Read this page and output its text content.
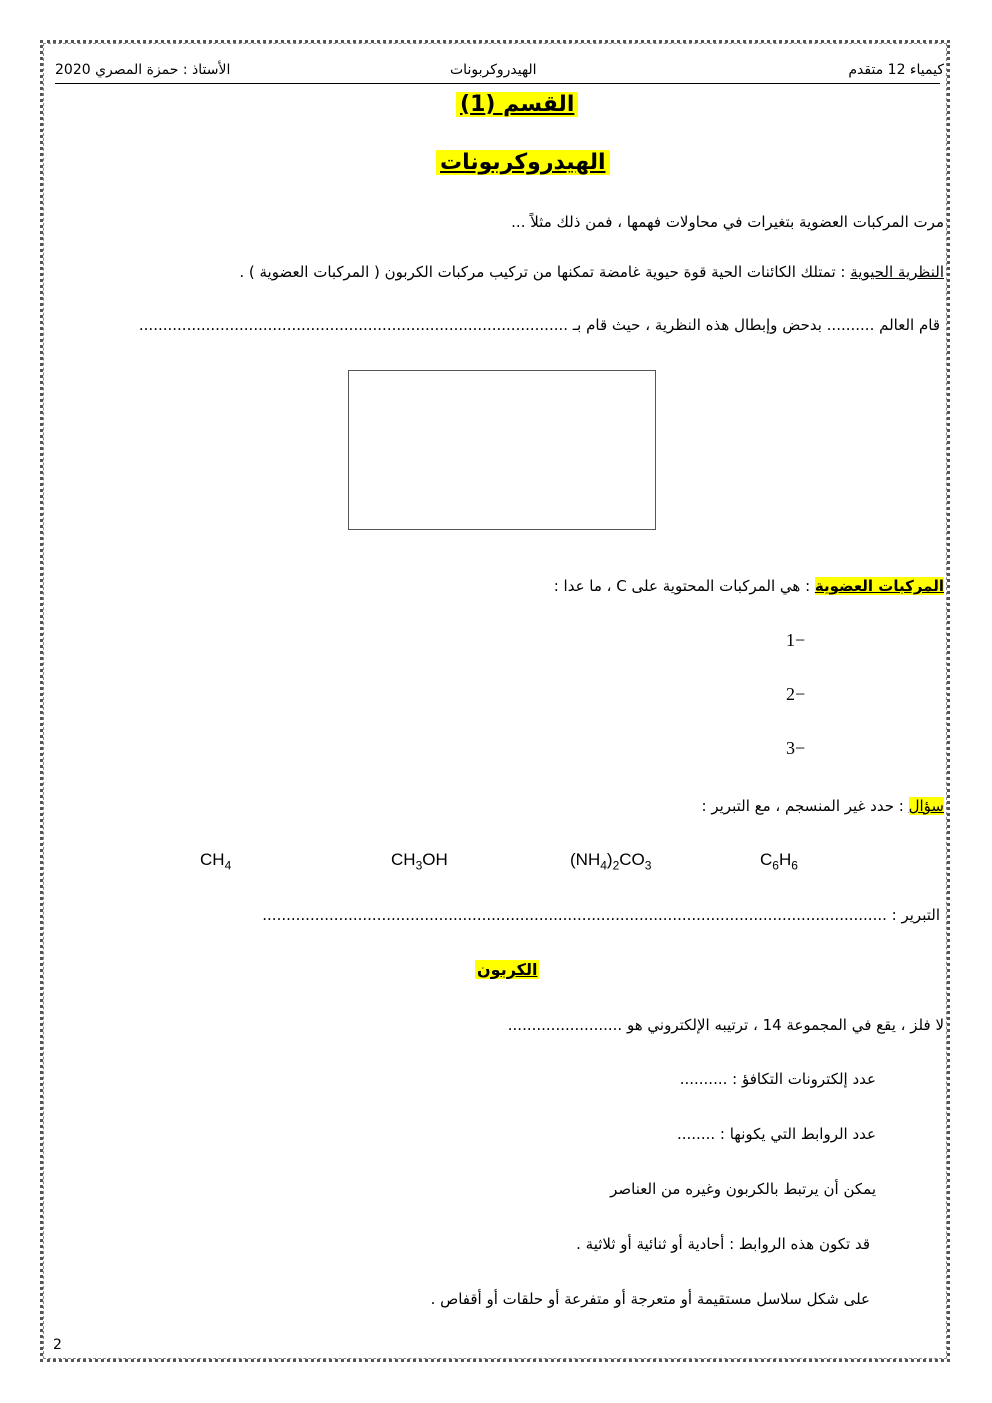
كيمياء 12 متقدم
الهيدروكربونات
الأستاذ : حمزة المصري 2020
القسم (1)
الهيدروكربونات
مرت المركبات العضوية بتغيرات في محاولات فهمها ، فمن ذلك مثلاً ...
النظرية الحيوية : تمتلك الكائنات الحية قوة حيوية غامضة تمكنها من تركيب مركبات الكربون ( المركبات العضوية ) .
قام العالم .......... بدحض وإبطال هذه النظرية ، حيث قام بـ ..........................................................................................
المركبات العضوية : هي المركبات المحتوية على C ، ما عدا :
1−
2−
3−
سؤال : حدد غير المنسجم ، مع التبرير :
$CH_4$	$CH_3OH$	$(NH_4)_2CO_3$	$C_6H_6$
التبرير : ...................................................................................................................................
الكربون
لا فلز ، يقع في المجموعة 14 ، ترتيبه الإلكتروني هو ........................
عدد إلكترونات التكافؤ : ..........
عدد الروابط التي يكونها : ........
يمكن أن يرتبط بالكربون وغيره من العناصر
قد تكون هذه الروابط : أحادية أو ثنائية أو ثلاثية .
على شكل سلاسل مستقيمة أو متعرجة أو متفرعة أو حلقات أو أقفاص .
2
